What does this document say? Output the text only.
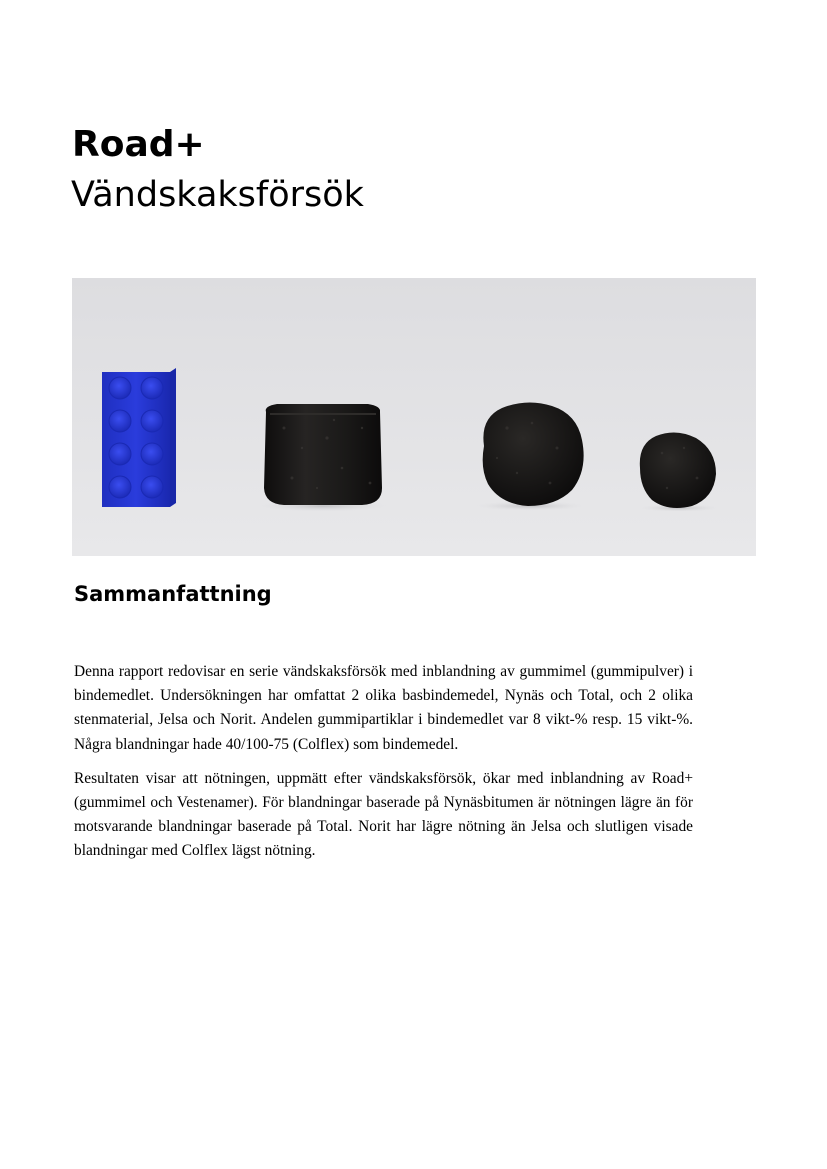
Road+
Vändskaksförsök
Sammanfattning

Denna rapport redovisar en serie vändskaksförsök med inblandning av gummimel (gummipulver) i bindemedlet. Undersökningen har omfattat 2 olika basbindemedel, Nynäs och Total, och 2 olika stenmaterial, Jelsa och Norit. Andelen gummipartiklar i bindemedlet var 8 vikt-% resp. 15 vikt-%. Några blandningar hade 40/100-75 (Colflex) som bindemedel.

Resultaten visar att nötningen, uppmätt efter vändskaksförsök, ökar med inblandning av Road+ (gummimel och Vestenamer). För blandningar baserade på Nynäsbitumen är nötningen lägre än för motsvarande blandningar baserade på Total. Norit har lägre nötning än Jelsa och slutligen visade blandningar med Colflex lägst nötning.
